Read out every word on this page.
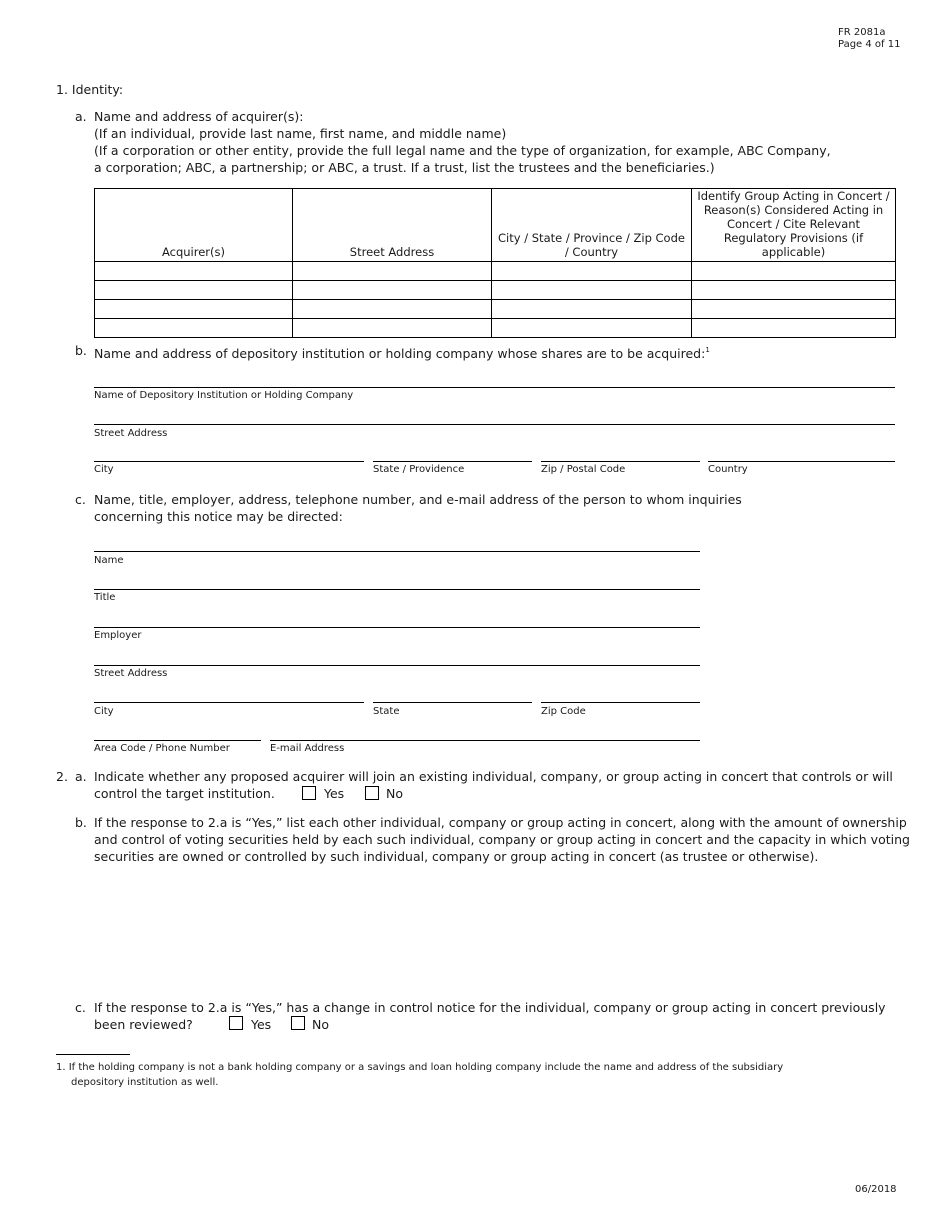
FR 2081a
Page 4 of 11
1. Identity:
a. Name and address of acquirer(s):
(If an individual, provide last name, first name, and middle name)
(If a corporation or other entity, provide the full legal name and the type of organization, for example, ABC Company,
a corporation; ABC, a partnership; or ABC, a trust. If a trust, list the trustees and the beneficiaries.)
Acquirer(s)	Street Address	City / State / Province / Zip Code / Country	Identify Group Acting in Concert / Reason(s) Considered Acting in Concert / Cite Relevant Regulatory Provisions (if applicable)

b. Name and address of depository institution or holding company whose shares are to be acquired:$^1$
Name of Depository Institution or Holding Company
Street Address
City	State / Providence	Zip / Postal Code	Country
c. Name, title, employer, address, telephone number, and e-mail address of the person to whom inquiries
concerning this notice may be directed:
Name
Title
Employer
Street Address
City	State	Zip Code
Area Code / Phone Number	E-mail Address
2. a. Indicate whether any proposed acquirer will join an existing individual, company, or group acting in concert that controls or will
control the target institution.	Yes	No
b. If the response to 2.a is “Yes,” list each other individual, company or group acting in concert, along with the amount of ownership
and control of voting securities held by each such individual, company or group acting in concert and the capacity in which voting
securities are owned or controlled by such individual, company or group acting in concert (as trustee or otherwise).
c. If the response to 2.a is “Yes,” has a change in control notice for the individual, company or group acting in concert previously
been reviewed?	Yes	No
1. If the holding company is not a bank holding company or a savings and loan holding company include the name and address of the subsidiary
depository institution as well.
06/2018
